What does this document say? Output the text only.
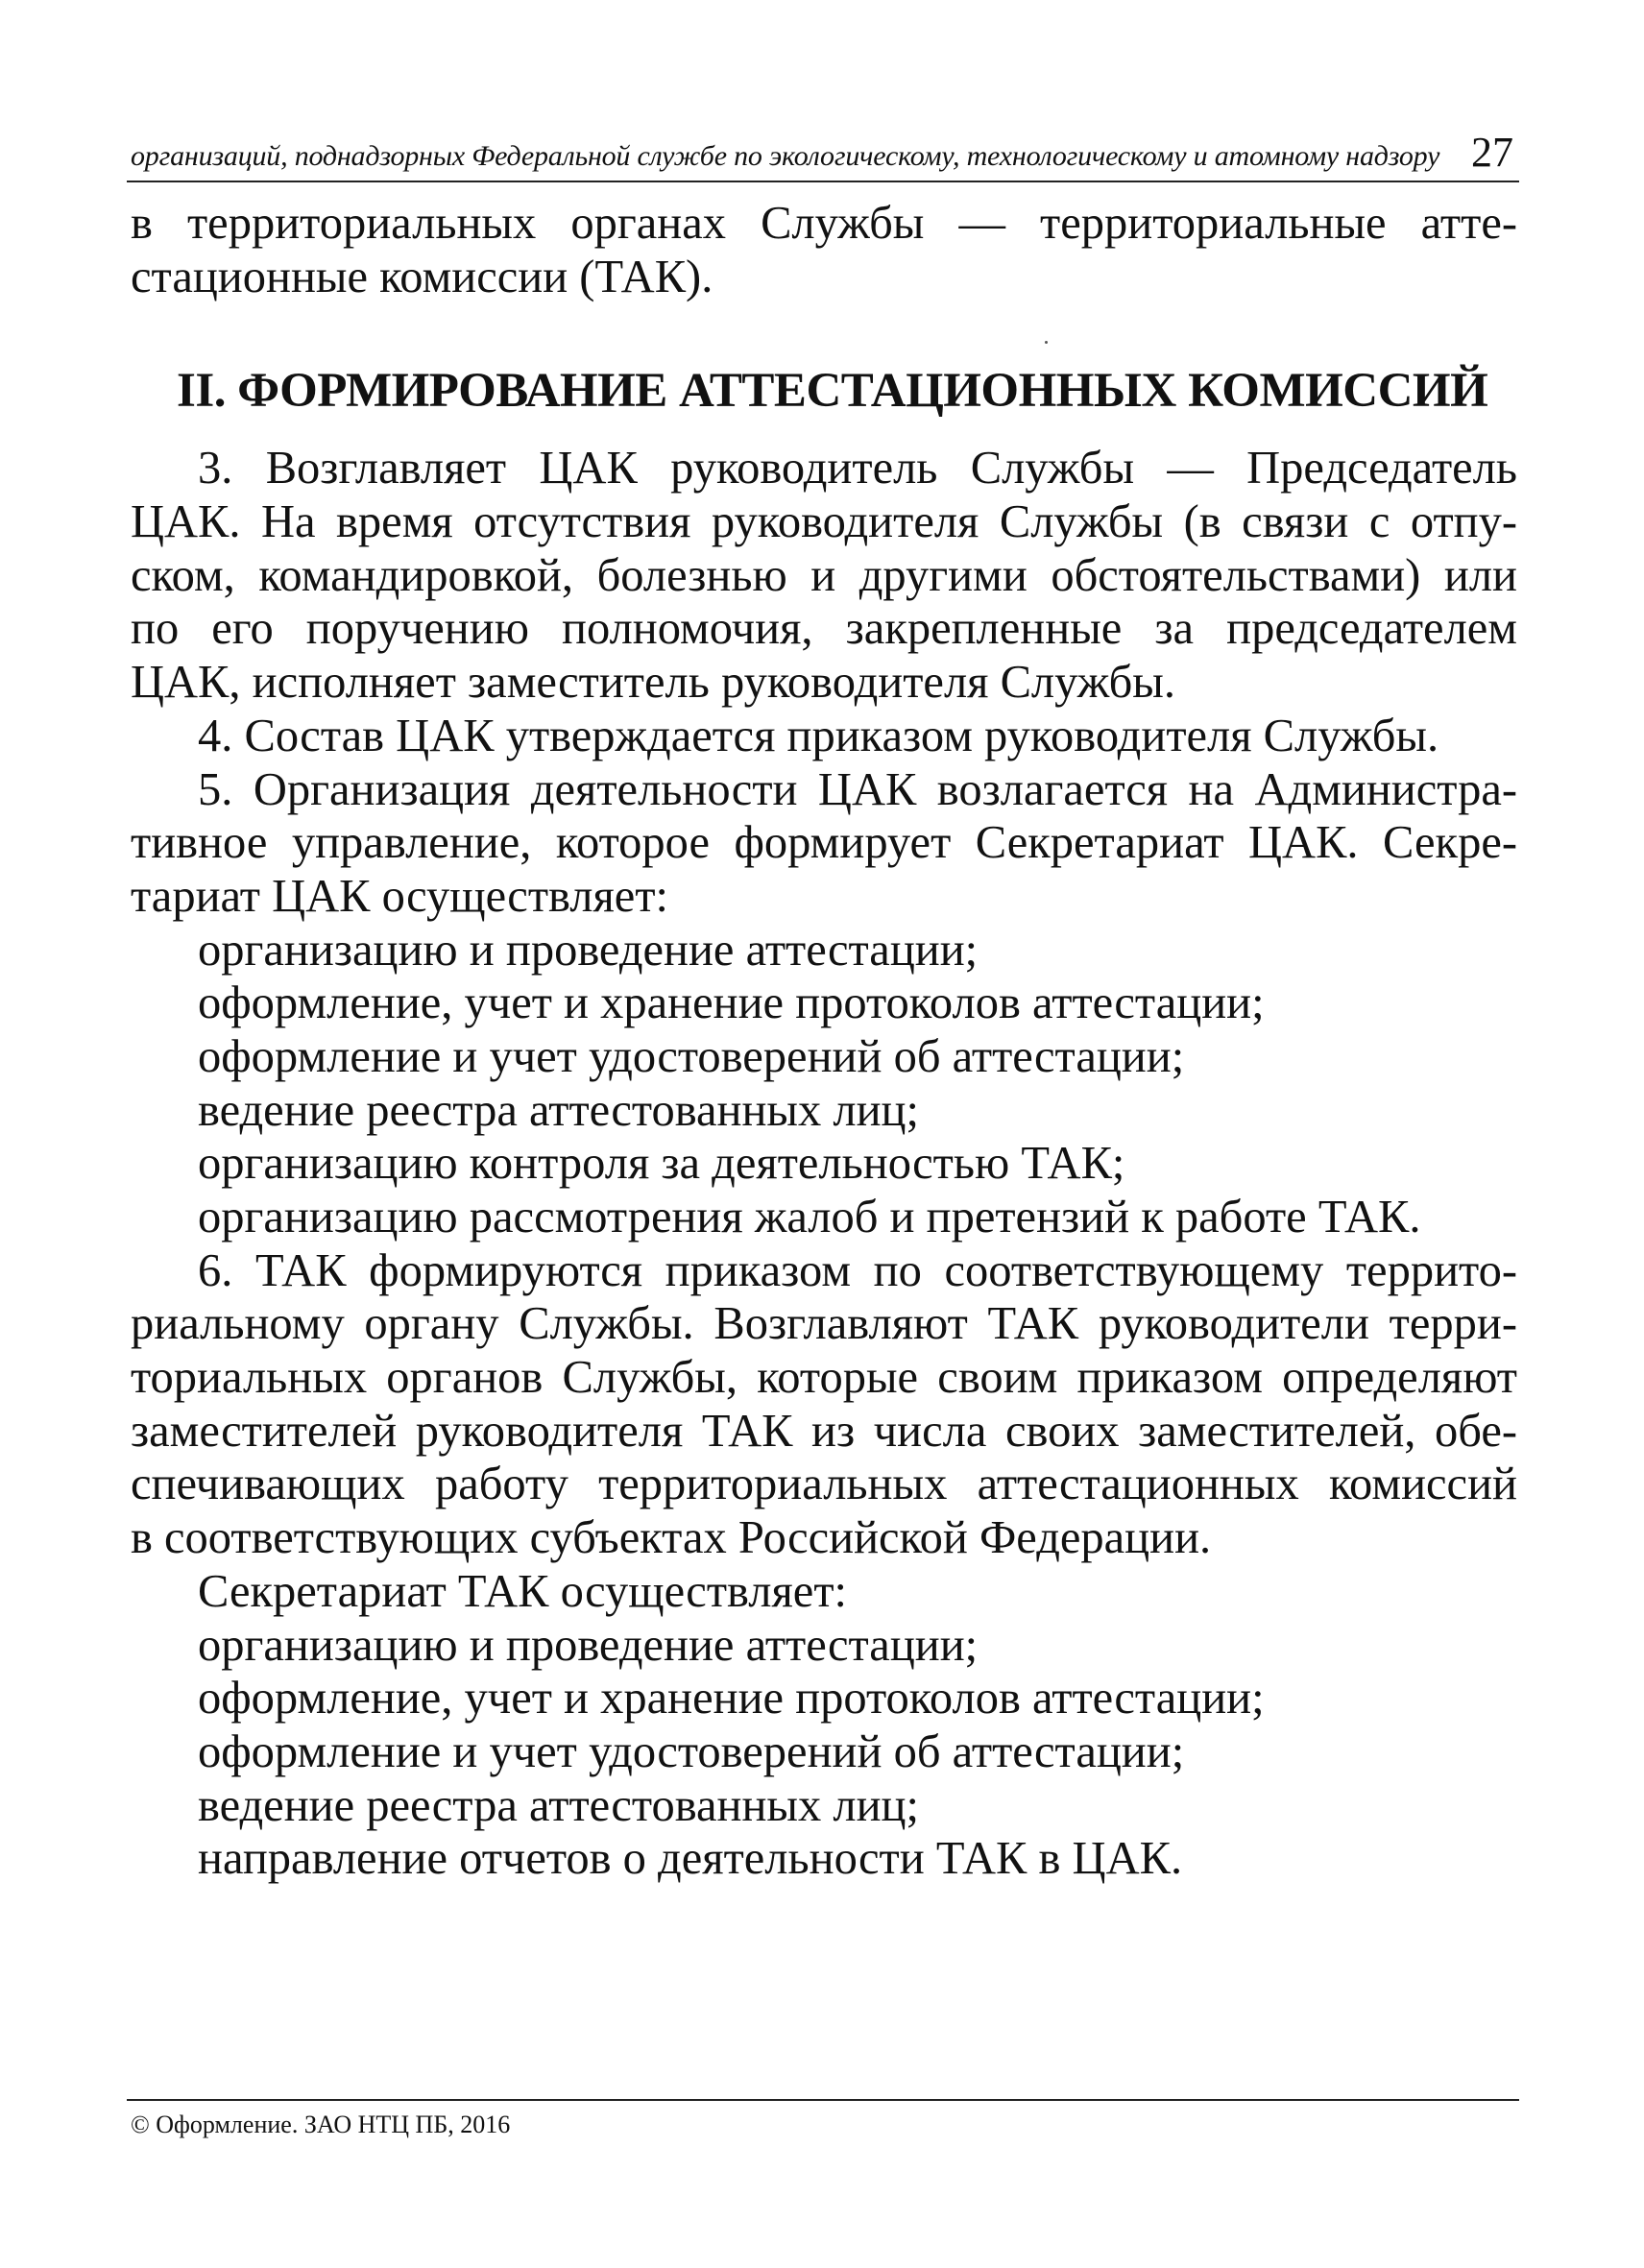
организаций, поднадзорных Федеральной службе по экологическому, технологическому и атомному надзору 27
в территориальных органах Службы — территориальные атте-
стационные комиссии (ТАК).
II. ФОРМИРОВАНИЕ АТТЕСТАЦИОННЫХ КОМИССИЙ
3. Возглавляет ЦАК руководитель Службы — Председатель
ЦАК. На время отсутствия руководителя Службы (в связи с отпу-
ском, командировкой, болезнью и другими обстоятельствами) или
по его поручению полномочия, закрепленные за председателем
ЦАК, исполняет заместитель руководителя Службы.
4. Состав ЦАК утверждается приказом руководителя Службы.
5. Организация деятельности ЦАК возлагается на Администра-
тивное управление, которое формирует Секретариат ЦАК. Секре-
тариат ЦАК осуществляет:
организацию и проведение аттестации;
оформление, учет и хранение протоколов аттестации;
оформление и учет удостоверений об аттестации;
ведение реестра аттестованных лиц;
организацию контроля за деятельностью ТАК;
организацию рассмотрения жалоб и претензий к работе ТАК.
6. ТАК формируются приказом по соответствующему террито-
риальному органу Службы. Возглавляют ТАК руководители терри-
ториальных органов Службы, которые своим приказом определяют
заместителей руководителя ТАК из числа своих заместителей, обе-
спечивающих работу территориальных аттестационных комиссий
в соответствующих субъектах Российской Федерации.
Секретариат ТАК осуществляет:
организацию и проведение аттестации;
оформление, учет и хранение протоколов аттестации;
оформление и учет удостоверений об аттестации;
ведение реестра аттестованных лиц;
направление отчетов о деятельности ТАК в ЦАК.
© Оформление. ЗАО НТЦ ПБ, 2016
